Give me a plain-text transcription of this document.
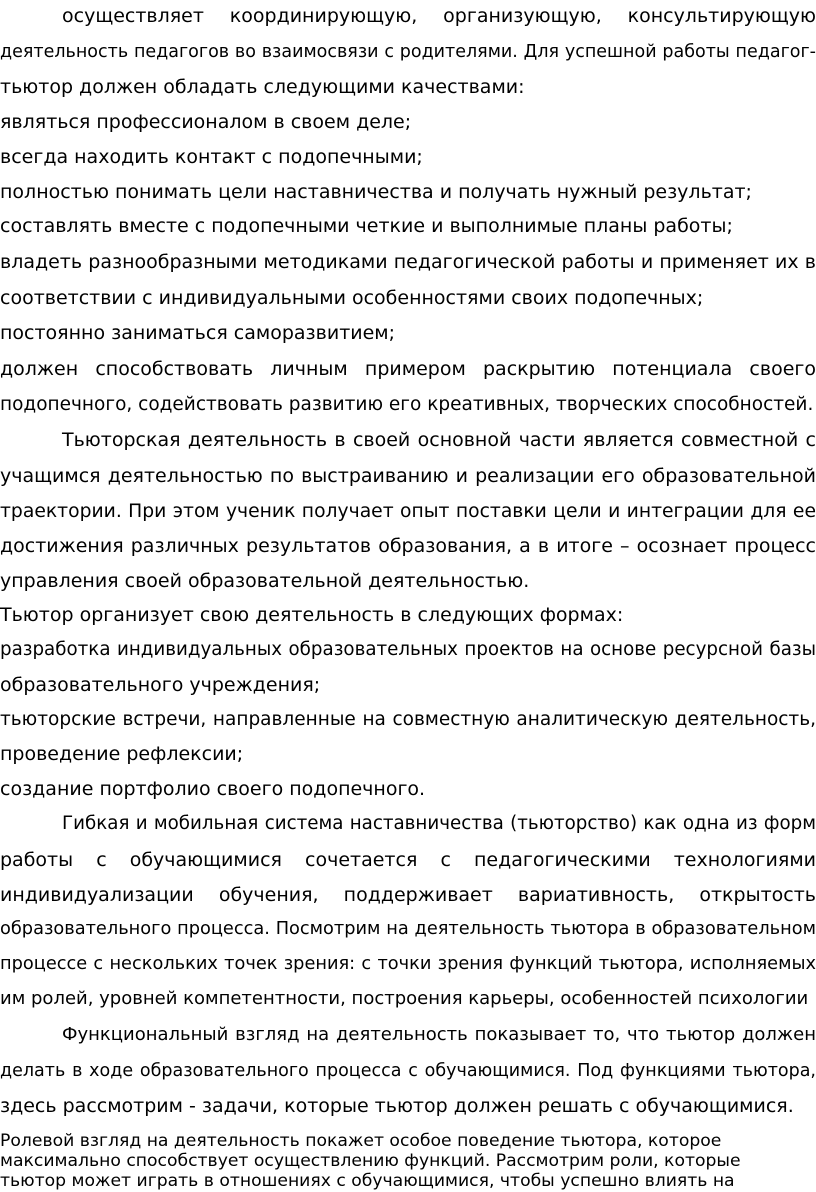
осуществляет координирующую, организующую, консультирующую
деятельность педагогов во взаимосвязи с родителями. Для успешной работы педагог-
тьютор должен обладать следующими качествами:
являться профессионалом в своем деле;
всегда находить контакт с подопечными;
полностью понимать цели наставничества и получать нужный результат;
составлять вместе с подопечными четкие и выполнимые планы работы;
владеть разнообразными методиками педагогической работы и применяет их в
соответствии с индивидуальными особенностями своих подопечных;
постоянно заниматься саморазвитием;
должен способствовать личным примером раскрытию потенциала своего
подопечного, содействовать развитию его креативных, творческих способностей.
Тьюторская деятельность в своей основной части является совместной с
учащимся деятельностью по выстраиванию и реализации его образовательной
траектории. При этом ученик получает опыт поставки цели и интеграции для ее
достижения различных результатов образования, а в итоге – осознает процесс
управления своей образовательной деятельностью.
Тьютор организует свою деятельность в следующих формах:
разработка индивидуальных образовательных проектов на основе ресурсной базы
образовательного учреждения;
тьюторские встречи, направленные на совместную аналитическую деятельность,
проведение рефлексии;
создание портфолио своего подопечного.
Гибкая и мобильная система наставничества (тьюторство) как одна из форм
работы с обучающимися сочетается с педагогическими технологиями
индивидуализации обучения, поддерживает вариативность, открытость
образовательного процесса. Посмотрим на деятельность тьютора в образовательном
процессе с нескольких точек зрения: с точки зрения функций тьютора, исполняемых
им ролей, уровней компетентности, построения карьеры, особенностей психологии
Функциональный взгляд на деятельность показывает то, что тьютор должен
делать в ходе образовательного процесса с обучающимися. Под функциями тьютора,
здесь рассмотрим - задачи, которые тьютор должен решать с обучающимися.
Ролевой взгляд на деятельность покажет особое поведение тьютора, которое
максимально способствует осуществлению функций. Рассмотрим роли, которые
тьютор может играть в отношениях с обучающимися, чтобы успешно влиять на
